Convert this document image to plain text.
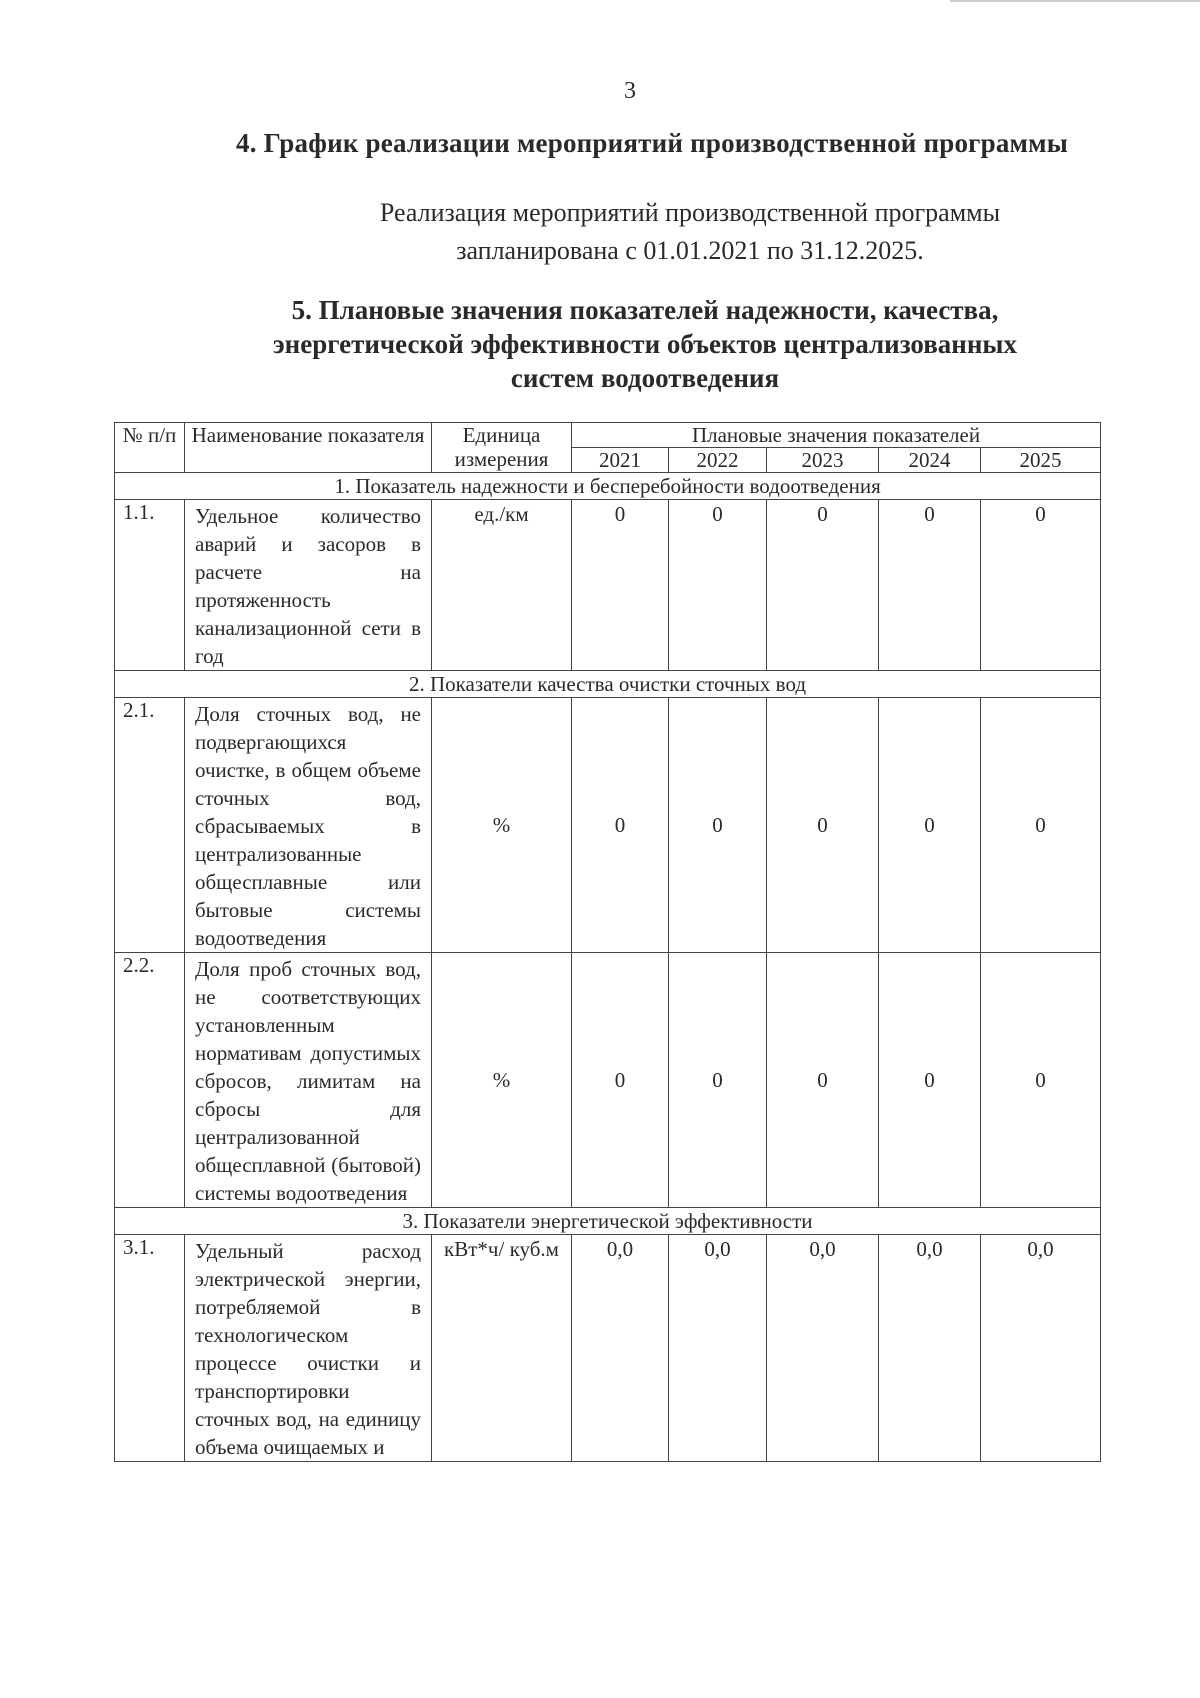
3
4. График реализации мероприятий производственной программы
Реализация мероприятий производственной программы
запланирована с 01.01.2021 по 31.12.2025.
5. Плановые значения показателей надежности, качества,
энергетической эффективности объектов централизованных
систем водоотведения
№ п/п	Наименование показателя	Единица измерения	Плановые значения показателей				
			2021	2022	2023	2024	2025
1. Показатель надежности и бесперебойности водоотведения							
1.1.	Удельное количество аварий и засоров в расчете на протяженность канализационной сети в год	ед./км	0	0	0	0	0
2. Показатели качества очистки сточных вод							
2.1.	Доля сточных вод, не подвергающихся очистке, в общем объеме сточных вод, сбрасываемых в централизованные общесплавные или бытовые системы водоотведения	%	0	0	0	0	0
2.2.	Доля проб сточных вод, не соответствующих установленным нормативам допустимых сбросов, лимитам на сбросы для централизованной общесплавной (бытовой) системы водоотведения	%	0	0	0	0	0
3. Показатели энергетической эффективности							
3.1.	Удельный расход электрической энергии, потребляемой в технологическом процессе очистки и транспортировки сточных вод, на единицу объема очищаемых и	кВт*ч/ куб.м	0,0	0,0	0,0	0,0	0,0
